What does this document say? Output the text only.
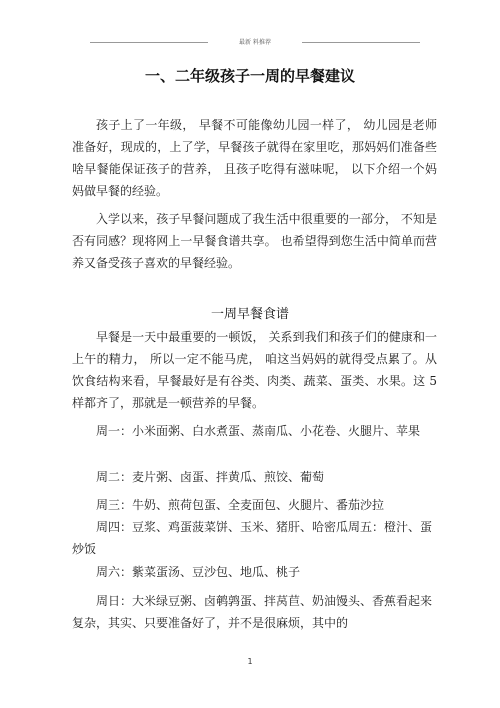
最新 料推荐
一、二年级孩子一周的早餐建议

孩子上了一年级， 早餐不可能像幼儿园一样了， 幼儿园是老师准备好，现成的，上了学，早餐孩子就得在家里吃，那妈妈们准备些啥早餐能保证孩子的营养， 且孩子吃得有滋味呢， 以下介绍一个妈妈做早餐的经验。

入学以来，孩子早餐问题成了我生活中很重要的一部分， 不知是否有同感？现将网上一早餐食谱共享。 也希望得到您生活中简单而营养又备受孩子喜欢的早餐经验。

一周早餐食谱

早餐是一天中最重要的一顿饭， 关系到我们和孩子们的健康和一上午的精力， 所以一定不能马虎， 咱这当妈妈的就得受点累了。从饮食结构来看，早餐最好是有谷类、肉类、蔬菜、蛋类、水果。这 5 样都齐了，那就是一顿营养的早餐。

周一：小米面粥、白水煮蛋、蒸南瓜、小花卷、火腿片、苹果

周二：麦片粥、卤蛋、拌黄瓜、煎饺、葡萄

周三：牛奶、煎荷包蛋、全麦面包、火腿片、番茄沙拉

周四：豆浆、鸡蛋菠菜饼、玉米、猪肝、哈密瓜周五：橙汁、蛋炒饭

周六：紫菜蛋汤、豆沙包、地瓜、桃子

周日：大米绿豆粥、卤鹌鹑蛋、拌莴苣、奶油馒头、香蕉看起来复杂，其实、只要准备好了，并不是很麻烦，其中的

1
